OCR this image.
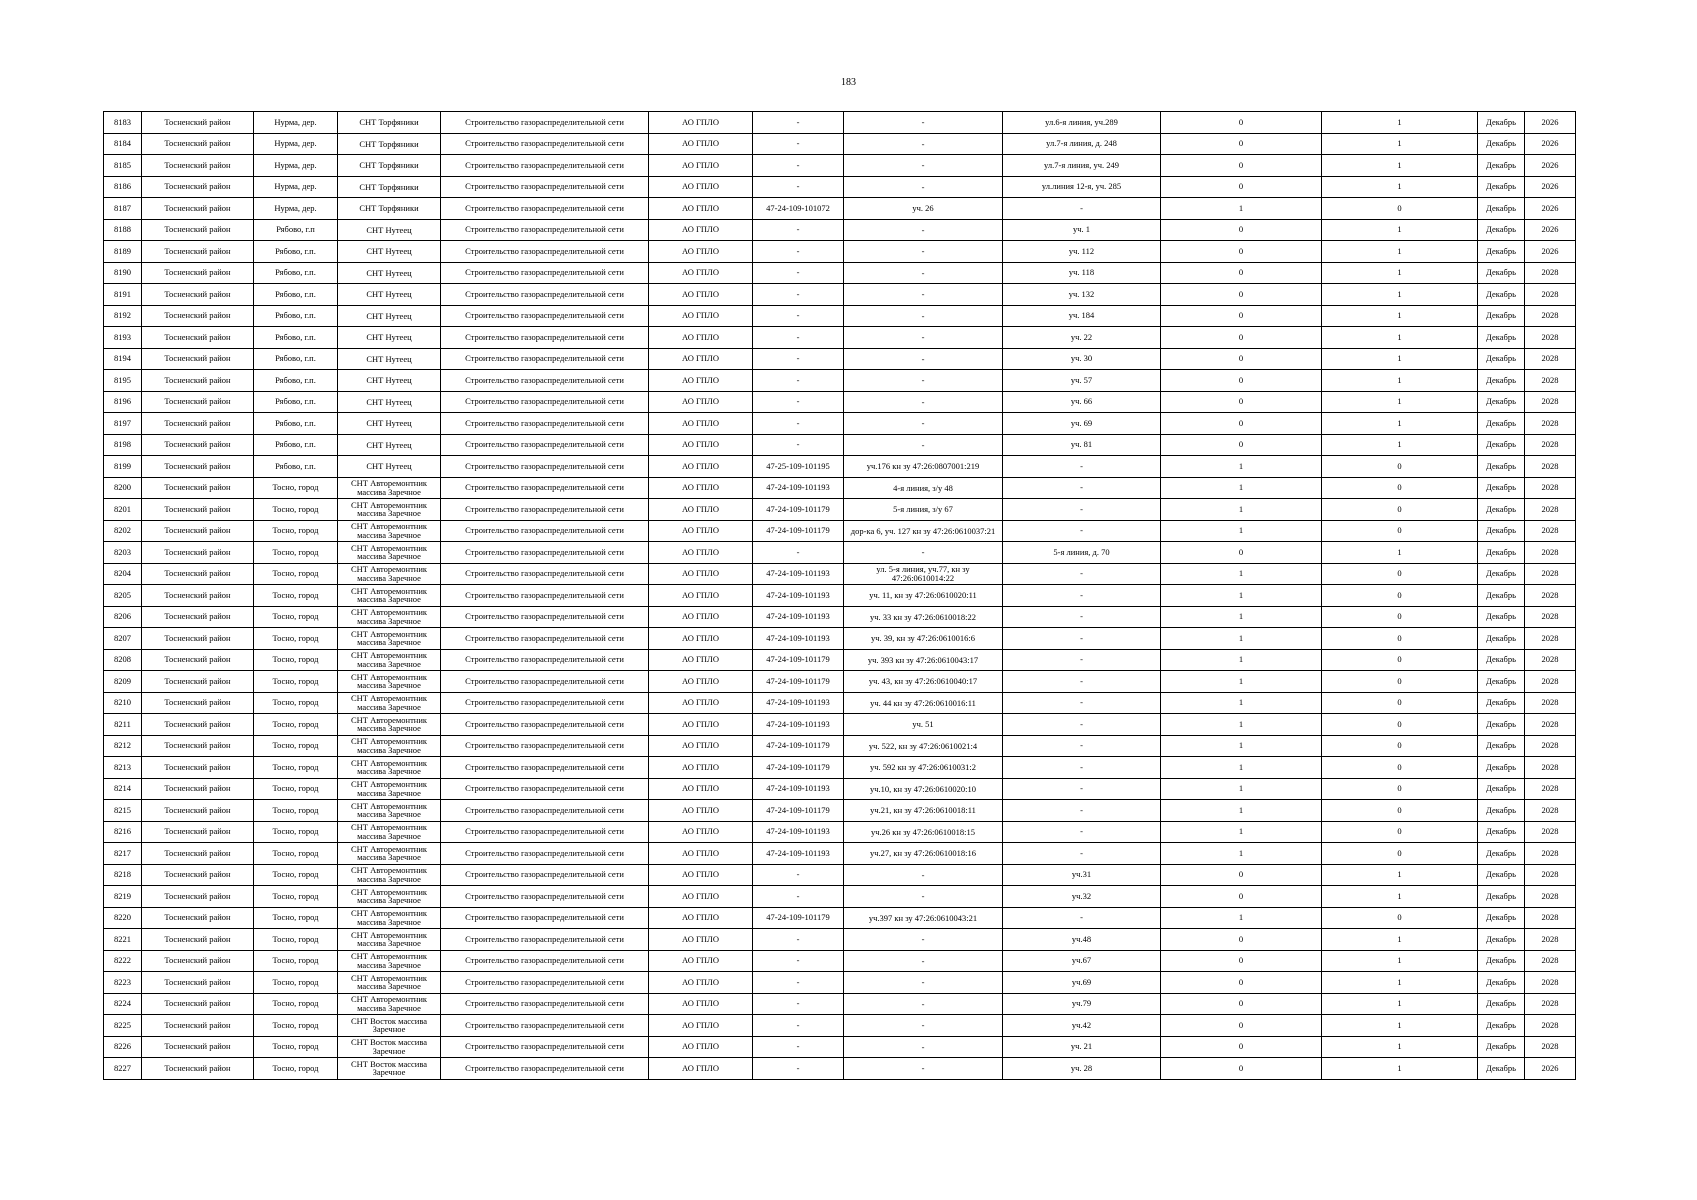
183
8183	Тосненский район	Нурма, дер.	СНТ Торфяники	Строительство газораспределительной сети	АО ГПЛО	-	-	ул.6-я линия, уч.289	0	1	Декабрь	2026
8184	Тосненский район	Нурма, дер.	СНТ Торфяники	Строительство газораспределительной сети	АО ГПЛО	-	-	ул.7-я линия, д. 248	0	1	Декабрь	2026
8185	Тосненский район	Нурма, дер.	СНТ Торфяники	Строительство газораспределительной сети	АО ГПЛО	-	-	ул.7-я линия, уч. 249	0	1	Декабрь	2026
8186	Тосненский район	Нурма, дер.	СНТ Торфяники	Строительство газораспределительной сети	АО ГПЛО	-	-	ул.линия 12-я, уч. 285	0	1	Декабрь	2026
8187	Тосненский район	Нурма, дер.	СНТ Торфяники	Строительство газораспределительной сети	АО ГПЛО	47-24-109-101072	уч. 26	-	1	0	Декабрь	2026
8188	Тосненский район	Рябово, г.п	СНТ Нутеец	Строительство газораспределительной сети	АО ГПЛО	-	-	уч. 1	0	1	Декабрь	2026
8189	Тосненский район	Рябово, г.п.	СНТ Нутеец	Строительство газораспределительной сети	АО ГПЛО	-	-	уч. 112	0	1	Декабрь	2026
8190	Тосненский район	Рябово, г.п.	СНТ Нутеец	Строительство газораспределительной сети	АО ГПЛО	-	-	уч. 118	0	1	Декабрь	2028
8191	Тосненский район	Рябово, г.п.	СНТ Нутеец	Строительство газораспределительной сети	АО ГПЛО	-	-	уч. 132	0	1	Декабрь	2028
8192	Тосненский район	Рябово, г.п.	СНТ Нутеец	Строительство газораспределительной сети	АО ГПЛО	-	-	уч. 184	0	1	Декабрь	2028
8193	Тосненский район	Рябово, г.п.	СНТ Нутеец	Строительство газораспределительной сети	АО ГПЛО	-	-	уч. 22	0	1	Декабрь	2028
8194	Тосненский район	Рябово, г.п.	СНТ Нутеец	Строительство газораспределительной сети	АО ГПЛО	-	-	уч. 30	0	1	Декабрь	2028
8195	Тосненский район	Рябово, г.п.	СНТ Нутеец	Строительство газораспределительной сети	АО ГПЛО	-	-	уч. 57	0	1	Декабрь	2028
8196	Тосненский район	Рябово, г.п.	СНТ Нутеец	Строительство газораспределительной сети	АО ГПЛО	-	-	уч. 66	0	1	Декабрь	2028
8197	Тосненский район	Рябово, г.п.	СНТ Нутеец	Строительство газораспределительной сети	АО ГПЛО	-	-	уч. 69	0	1	Декабрь	2028
8198	Тосненский район	Рябово, г.п.	СНТ Нутеец	Строительство газораспределительной сети	АО ГПЛО	-	-	уч. 81	0	1	Декабрь	2028
8199	Тосненский район	Рябово, г.п.	СНТ Нутеец	Строительство газораспределительной сети	АО ГПЛО	47-25-109-101195	уч.176 кн зу 47:26:0807001:219	-	1	0	Декабрь	2028
8200	Тосненский район	Тосно, город	СНТ Авторемонтник массива Заречное	Строительство газораспределительной сети	АО ГПЛО	47-24-109-101193	4-я линия, з/у 48	-	1	0	Декабрь	2028
8201	Тосненский район	Тосно, город	СНТ Авторемонтник массива Заречное	Строительство газораспределительной сети	АО ГПЛО	47-24-109-101179	5-я линия, з/у 67	-	1	0	Декабрь	2028
8202	Тосненский район	Тосно, город	СНТ Авторемонтник массива Заречное	Строительство газораспределительной сети	АО ГПЛО	47-24-109-101179	дор-ка 6, уч. 127 кн зу 47:26:0610037:21	-	1	0	Декабрь	2028
8203	Тосненский район	Тосно, город	СНТ Авторемонтник массива Заречное	Строительство газораспределительной сети	АО ГПЛО	-	-	5-я линия, д. 70	0	1	Декабрь	2028
8204	Тосненский район	Тосно, город	СНТ Авторемонтник массива Заречное	Строительство газораспределительной сети	АО ГПЛО	47-24-109-101193	ул. 5-я линия, уч.77, кн зу 47:26:0610014:22	-	1	0	Декабрь	2028
8205	Тосненский район	Тосно, город	СНТ Авторемонтник массива Заречное	Строительство газораспределительной сети	АО ГПЛО	47-24-109-101193	уч. 11, кн зу 47:26:0610020:11	-	1	0	Декабрь	2028
8206	Тосненский район	Тосно, город	СНТ Авторемонтник массива Заречное	Строительство газораспределительной сети	АО ГПЛО	47-24-109-101193	уч. 33 кн зу 47:26:0610018:22	-	1	0	Декабрь	2028
8207	Тосненский район	Тосно, город	СНТ Авторемонтник массива Заречное	Строительство газораспределительной сети	АО ГПЛО	47-24-109-101193	уч. 39, кн зу 47:26:0610016:6	-	1	0	Декабрь	2028
8208	Тосненский район	Тосно, город	СНТ Авторемонтник массива Заречное	Строительство газораспределительной сети	АО ГПЛО	47-24-109-101179	уч. 393 кн зу 47:26:0610043:17	-	1	0	Декабрь	2028
8209	Тосненский район	Тосно, город	СНТ Авторемонтник массива Заречное	Строительство газораспределительной сети	АО ГПЛО	47-24-109-101179	уч. 43, кн зу 47:26:0610040:17	-	1	0	Декабрь	2028
8210	Тосненский район	Тосно, город	СНТ Авторемонтник массива Заречное	Строительство газораспределительной сети	АО ГПЛО	47-24-109-101193	уч. 44 кн зу 47:26:0610016:11	-	1	0	Декабрь	2028
8211	Тосненский район	Тосно, город	СНТ Авторемонтник массива Заречное	Строительство газораспределительной сети	АО ГПЛО	47-24-109-101193	уч. 51	-	1	0	Декабрь	2028
8212	Тосненский район	Тосно, город	СНТ Авторемонтник массива Заречное	Строительство газораспределительной сети	АО ГПЛО	47-24-109-101179	уч. 522, кн зу 47:26:0610021:4	-	1	0	Декабрь	2028
8213	Тосненский район	Тосно, город	СНТ Авторемонтник массива Заречное	Строительство газораспределительной сети	АО ГПЛО	47-24-109-101179	уч. 592 кн зу 47:26:0610031:2	-	1	0	Декабрь	2028
8214	Тосненский район	Тосно, город	СНТ Авторемонтник массива Заречное	Строительство газораспределительной сети	АО ГПЛО	47-24-109-101193	уч.10, кн зу 47:26:0610020:10	-	1	0	Декабрь	2028
8215	Тосненский район	Тосно, город	СНТ Авторемонтник массива Заречное	Строительство газораспределительной сети	АО ГПЛО	47-24-109-101179	уч.21, кн зу 47:26:0610018:11	-	1	0	Декабрь	2028
8216	Тосненский район	Тосно, город	СНТ Авторемонтник массива Заречное	Строительство газораспределительной сети	АО ГПЛО	47-24-109-101193	уч.26 кн зу 47:26:0610018:15	-	1	0	Декабрь	2028
8217	Тосненский район	Тосно, город	СНТ Авторемонтник массива Заречное	Строительство газораспределительной сети	АО ГПЛО	47-24-109-101193	уч.27, кн зу 47:26:0610018:16	-	1	0	Декабрь	2028
8218	Тосненский район	Тосно, город	СНТ Авторемонтник массива Заречное	Строительство газораспределительной сети	АО ГПЛО	-	-	уч.31	0	1	Декабрь	2028
8219	Тосненский район	Тосно, город	СНТ Авторемонтник массива Заречное	Строительство газораспределительной сети	АО ГПЛО	-	-	уч.32	0	1	Декабрь	2028
8220	Тосненский район	Тосно, город	СНТ Авторемонтник массива Заречное	Строительство газораспределительной сети	АО ГПЛО	47-24-109-101179	уч.397 кн зу 47:26:0610043:21	-	1	0	Декабрь	2028
8221	Тосненский район	Тосно, город	СНТ Авторемонтник массива Заречное	Строительство газораспределительной сети	АО ГПЛО	-	-	уч.48	0	1	Декабрь	2028
8222	Тосненский район	Тосно, город	СНТ Авторемонтник массива Заречное	Строительство газораспределительной сети	АО ГПЛО	-	-	уч.67	0	1	Декабрь	2028
8223	Тосненский район	Тосно, город	СНТ Авторемонтник массива Заречное	Строительство газораспределительной сети	АО ГПЛО	-	-	уч.69	0	1	Декабрь	2028
8224	Тосненский район	Тосно, город	СНТ Авторемонтник массива Заречное	Строительство газораспределительной сети	АО ГПЛО	-	-	уч.79	0	1	Декабрь	2028
8225	Тосненский район	Тосно, город	СНТ Восток массива Заречное	Строительство газораспределительной сети	АО ГПЛО	-	-	уч.42	0	1	Декабрь	2028
8226	Тосненский район	Тосно, город	СНТ Восток массива Заречное	Строительство газораспределительной сети	АО ГПЛО	-	-	уч. 21	0	1	Декабрь	2028
8227	Тосненский район	Тосно, город	СНТ Восток массива Заречное	Строительство газораспределительной сети	АО ГПЛО	-	-	уч. 28	0	1	Декабрь	2026
